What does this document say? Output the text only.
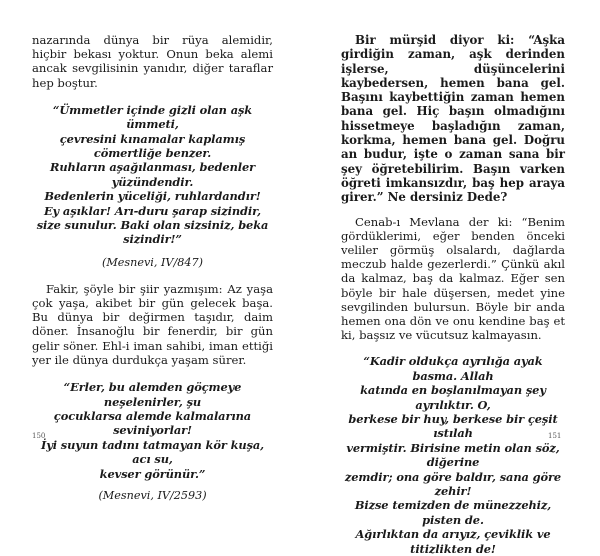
nazarında dünya bir rüya alemidir, hiçbir bekası yoktur. Onun beka alemi ancak sevgilisinin yanıdır, diğer taraflar hep boştur.

“Ümmetler içinde gizli olan aşk ümmeti,

çevresini kınamalar kaplamış cömertliğe benzer.

Ruhların aşağılanması, bedenler yüzündendir.

Bedenlerin yüceliği, ruhlardandır!

Ey aşıklar! Arı-duru şarap sizindir, size sunulur. Baki olan sizsiniz, beka sizindir!”

(Mesnevi, IV/847)

Fakir, şöyle bir şiir yazmışım: Az yaşa çok yaşa, akibet bir gün gelecek başa. Bu dünya bir değirmen taşıdır, daim döner. İnsanoğlu bir fenerdir, bir gün gelir söner. Ehl-i iman sahibi, iman ettiği yer ile dünya durdukça yaşam sürer.

“Erler, bu alemden göçmeye neşelenirler, şu

çocuklarsa alemde kalmalarına seviniyorlar!

İyi suyun tadını tatmayan kör kuşa, acı su,

kevser görünür.”

(Mesnevi, IV/2593)

150

Bir mürşid diyor ki: “Aşka girdiğin zaman, aşk derinden işlerse, düşüncelerini kaybedersen, hemen bana gel. Başını kaybettiğin zaman hemen bana gel. Hiç başın olmadığını hissetmeye başladığın zaman, korkma, hemen bana gel. Doğru an budur, işte o zaman sana bir şey öğretebilirim. Başın varken öğreti imkansızdır, baş hep araya girer.” Ne dersiniz Dede?

Cenab-ı Mevlana der ki: “Benim gördüklerimi, eğer benden önceki veliler görmüş olsalardı, dağlarda meczub halde gezerlerdi.” Çünkü akıl da kalmaz, baş da kalmaz. Eğer sen böyle bir hale düşersen, medet yine sevgilinden bulursun. Böyle bir anda hemen ona dön ve onu kendine baş et ki, başsız ve vücutsuz kalmayasın.

“Kadir oldukça ayrılığa ayak basma. Allah

katında en boşlanılmayan şey ayrılıktır. O,

berkese bir huy, berkese bir çeşit ıstılah

vermiştir. Birisine metin olan söz, diğerine

zemdir; ona göre baldır, sana göre zehir!

Bizse temizden de münezzehiz, pisten de.

Ağırlıktan da arıyız, çeviklik ve titizlikten de!

151
